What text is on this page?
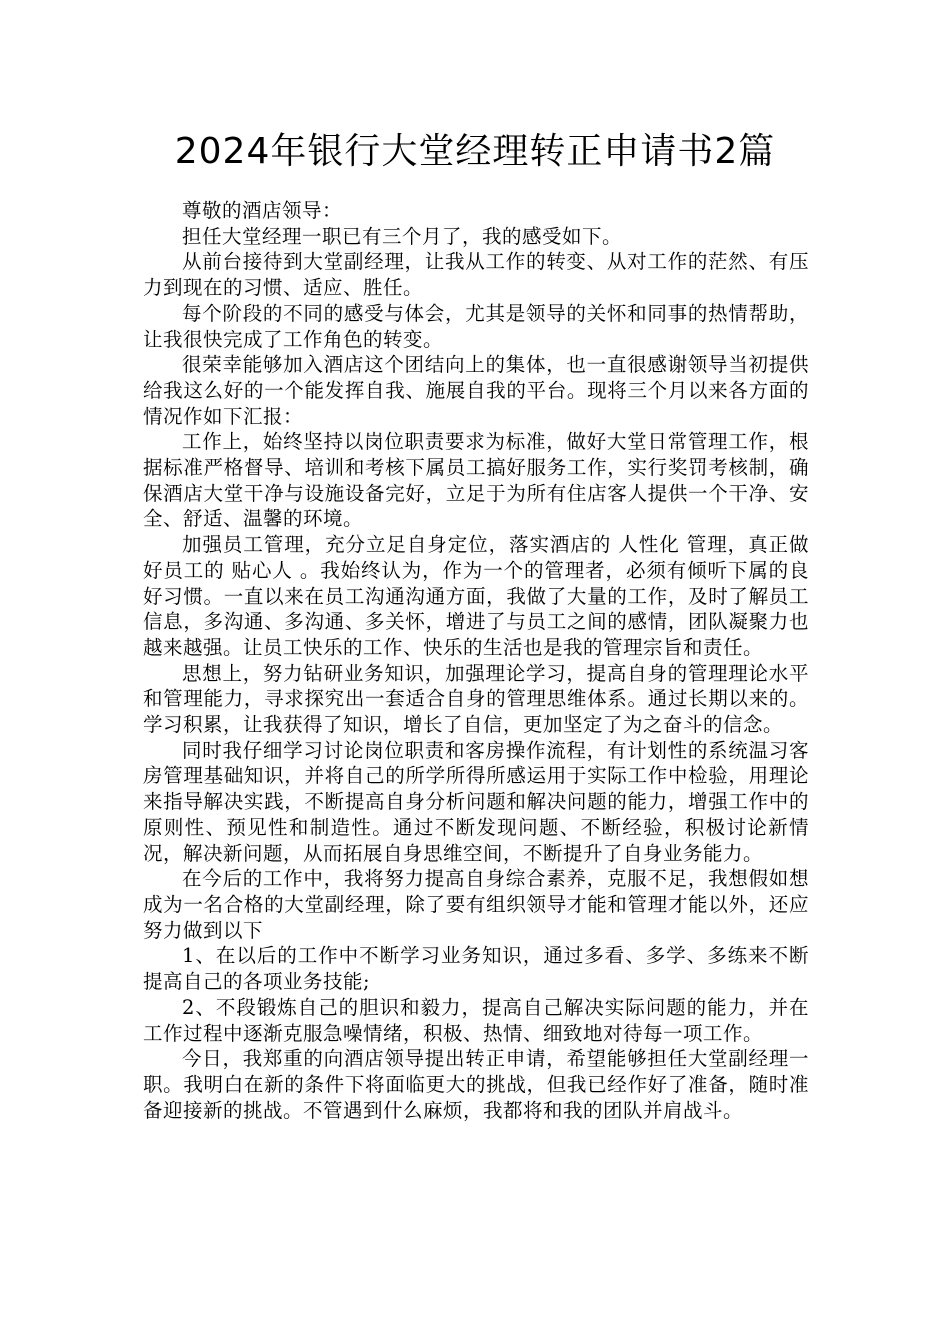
2024年银行大堂经理转正申请书2篇

尊敬的酒店领导：

担任大堂经理一职已有三个月了，我的感受如下。

从前台接待到大堂副经理，让我从工作的转变、从对工作的茫然、有压力到现在的习惯、适应、胜任。

每个阶段的不同的感受与体会，尤其是领导的关怀和同事的热情帮助，让我很快完成了工作角色的转变。

很荣幸能够加入酒店这个团结向上的集体，也一直很感谢领导当初提供给我这么好的一个能发挥自我、施展自我的平台。现将三个月以来各方面的情况作如下汇报：

工作上，始终坚持以岗位职责要求为标准，做好大堂日常管理工作，根据标准严格督导、培训和考核下属员工搞好服务工作，实行奖罚考核制，确保酒店大堂干净与设施设备完好，立足于为所有住店客人提供一个干净、安全、舒适、温馨的环境。

加强员工管理，充分立足自身定位，落实酒店的 人性化 管理，真正做好员工的 贴心人 。我始终认为，作为一个的管理者，必须有倾听下属的良好习惯。一直以来在员工沟通沟通方面，我做了大量的工作，及时了解员工信息，多沟通、多沟通、多关怀，增进了与员工之间的感情，团队凝聚力也越来越强。让员工快乐的工作、快乐的生活也是我的管理宗旨和责任。

思想上，努力钻研业务知识，加强理论学习，提高自身的管理理论水平和管理能力，寻求探究出一套适合自身的管理思维体系。通过长期以来的。学习积累，让我获得了知识，增长了自信，更加坚定了为之奋斗的信念。

同时我仔细学习讨论岗位职责和客房操作流程，有计划性的系统温习客房管理基础知识，并将自己的所学所得所感运用于实际工作中检验，用理论来指导解决实践，不断提高自身分析问题和解决问题的能力，增强工作中的原则性、预见性和制造性。通过不断发现问题、不断经验，积极讨论新情况，解决新问题，从而拓展自身思维空间，不断提升了自身业务能力。

在今后的工作中，我将努力提高自身综合素养，克服不足，我想假如想成为一名合格的大堂副经理，除了要有组织领导才能和管理才能以外，还应努力做到以下

1、在以后的工作中不断学习业务知识，通过多看、多学、多练来不断提高自己的各项业务技能;

2、不段锻炼自己的胆识和毅力，提高自己解决实际问题的能力，并在工作过程中逐渐克服急噪情绪，积极、热情、细致地对待每一项工作。

今日，我郑重的向酒店领导提出转正申请，希望能够担任大堂副经理一职。我明白在新的条件下将面临更大的挑战，但我已经作好了准备，随时准备迎接新的挑战。不管遇到什么麻烦，我都将和我的团队并肩战斗。
